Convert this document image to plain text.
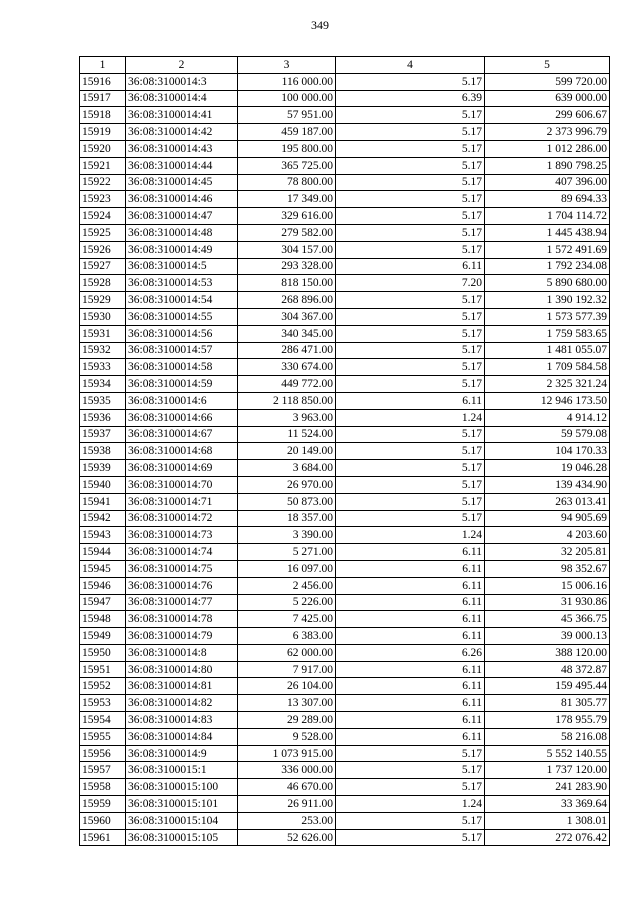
349
1	2	3	4	5
15916	36:08:3100014:3	116 000.00	5.17	599 720.00
15917	36:08:3100014:4	100 000.00	6.39	639 000.00
15918	36:08:3100014:41	57 951.00	5.17	299 606.67
15919	36:08:3100014:42	459 187.00	5.17	2 373 996.79
15920	36:08:3100014:43	195 800.00	5.17	1 012 286.00
15921	36:08:3100014:44	365 725.00	5.17	1 890 798.25
15922	36:08:3100014:45	78 800.00	5.17	407 396.00
15923	36:08:3100014:46	17 349.00	5.17	89 694.33
15924	36:08:3100014:47	329 616.00	5.17	1 704 114.72
15925	36:08:3100014:48	279 582.00	5.17	1 445 438.94
15926	36:08:3100014:49	304 157.00	5.17	1 572 491.69
15927	36:08:3100014:5	293 328.00	6.11	1 792 234.08
15928	36:08:3100014:53	818 150.00	7.20	5 890 680.00
15929	36:08:3100014:54	268 896.00	5.17	1 390 192.32
15930	36:08:3100014:55	304 367.00	5.17	1 573 577.39
15931	36:08:3100014:56	340 345.00	5.17	1 759 583.65
15932	36:08:3100014:57	286 471.00	5.17	1 481 055.07
15933	36:08:3100014:58	330 674.00	5.17	1 709 584.58
15934	36:08:3100014:59	449 772.00	5.17	2 325 321.24
15935	36:08:3100014:6	2 118 850.00	6.11	12 946 173.50
15936	36:08:3100014:66	3 963.00	1.24	4 914.12
15937	36:08:3100014:67	11 524.00	5.17	59 579.08
15938	36:08:3100014:68	20 149.00	5.17	104 170.33
15939	36:08:3100014:69	3 684.00	5.17	19 046.28
15940	36:08:3100014:70	26 970.00	5.17	139 434.90
15941	36:08:3100014:71	50 873.00	5.17	263 013.41
15942	36:08:3100014:72	18 357.00	5.17	94 905.69
15943	36:08:3100014:73	3 390.00	1.24	4 203.60
15944	36:08:3100014:74	5 271.00	6.11	32 205.81
15945	36:08:3100014:75	16 097.00	6.11	98 352.67
15946	36:08:3100014:76	2 456.00	6.11	15 006.16
15947	36:08:3100014:77	5 226.00	6.11	31 930.86
15948	36:08:3100014:78	7 425.00	6.11	45 366.75
15949	36:08:3100014:79	6 383.00	6.11	39 000.13
15950	36:08:3100014:8	62 000.00	6.26	388 120.00
15951	36:08:3100014:80	7 917.00	6.11	48 372.87
15952	36:08:3100014:81	26 104.00	6.11	159 495.44
15953	36:08:3100014:82	13 307.00	6.11	81 305.77
15954	36:08:3100014:83	29 289.00	6.11	178 955.79
15955	36:08:3100014:84	9 528.00	6.11	58 216.08
15956	36:08:3100014:9	1 073 915.00	5.17	5 552 140.55
15957	36:08:3100015:1	336 000.00	5.17	1 737 120.00
15958	36:08:3100015:100	46 670.00	5.17	241 283.90
15959	36:08:3100015:101	26 911.00	1.24	33 369.64
15960	36:08:3100015:104	253.00	5.17	1 308.01
15961	36:08:3100015:105	52 626.00	5.17	272 076.42
